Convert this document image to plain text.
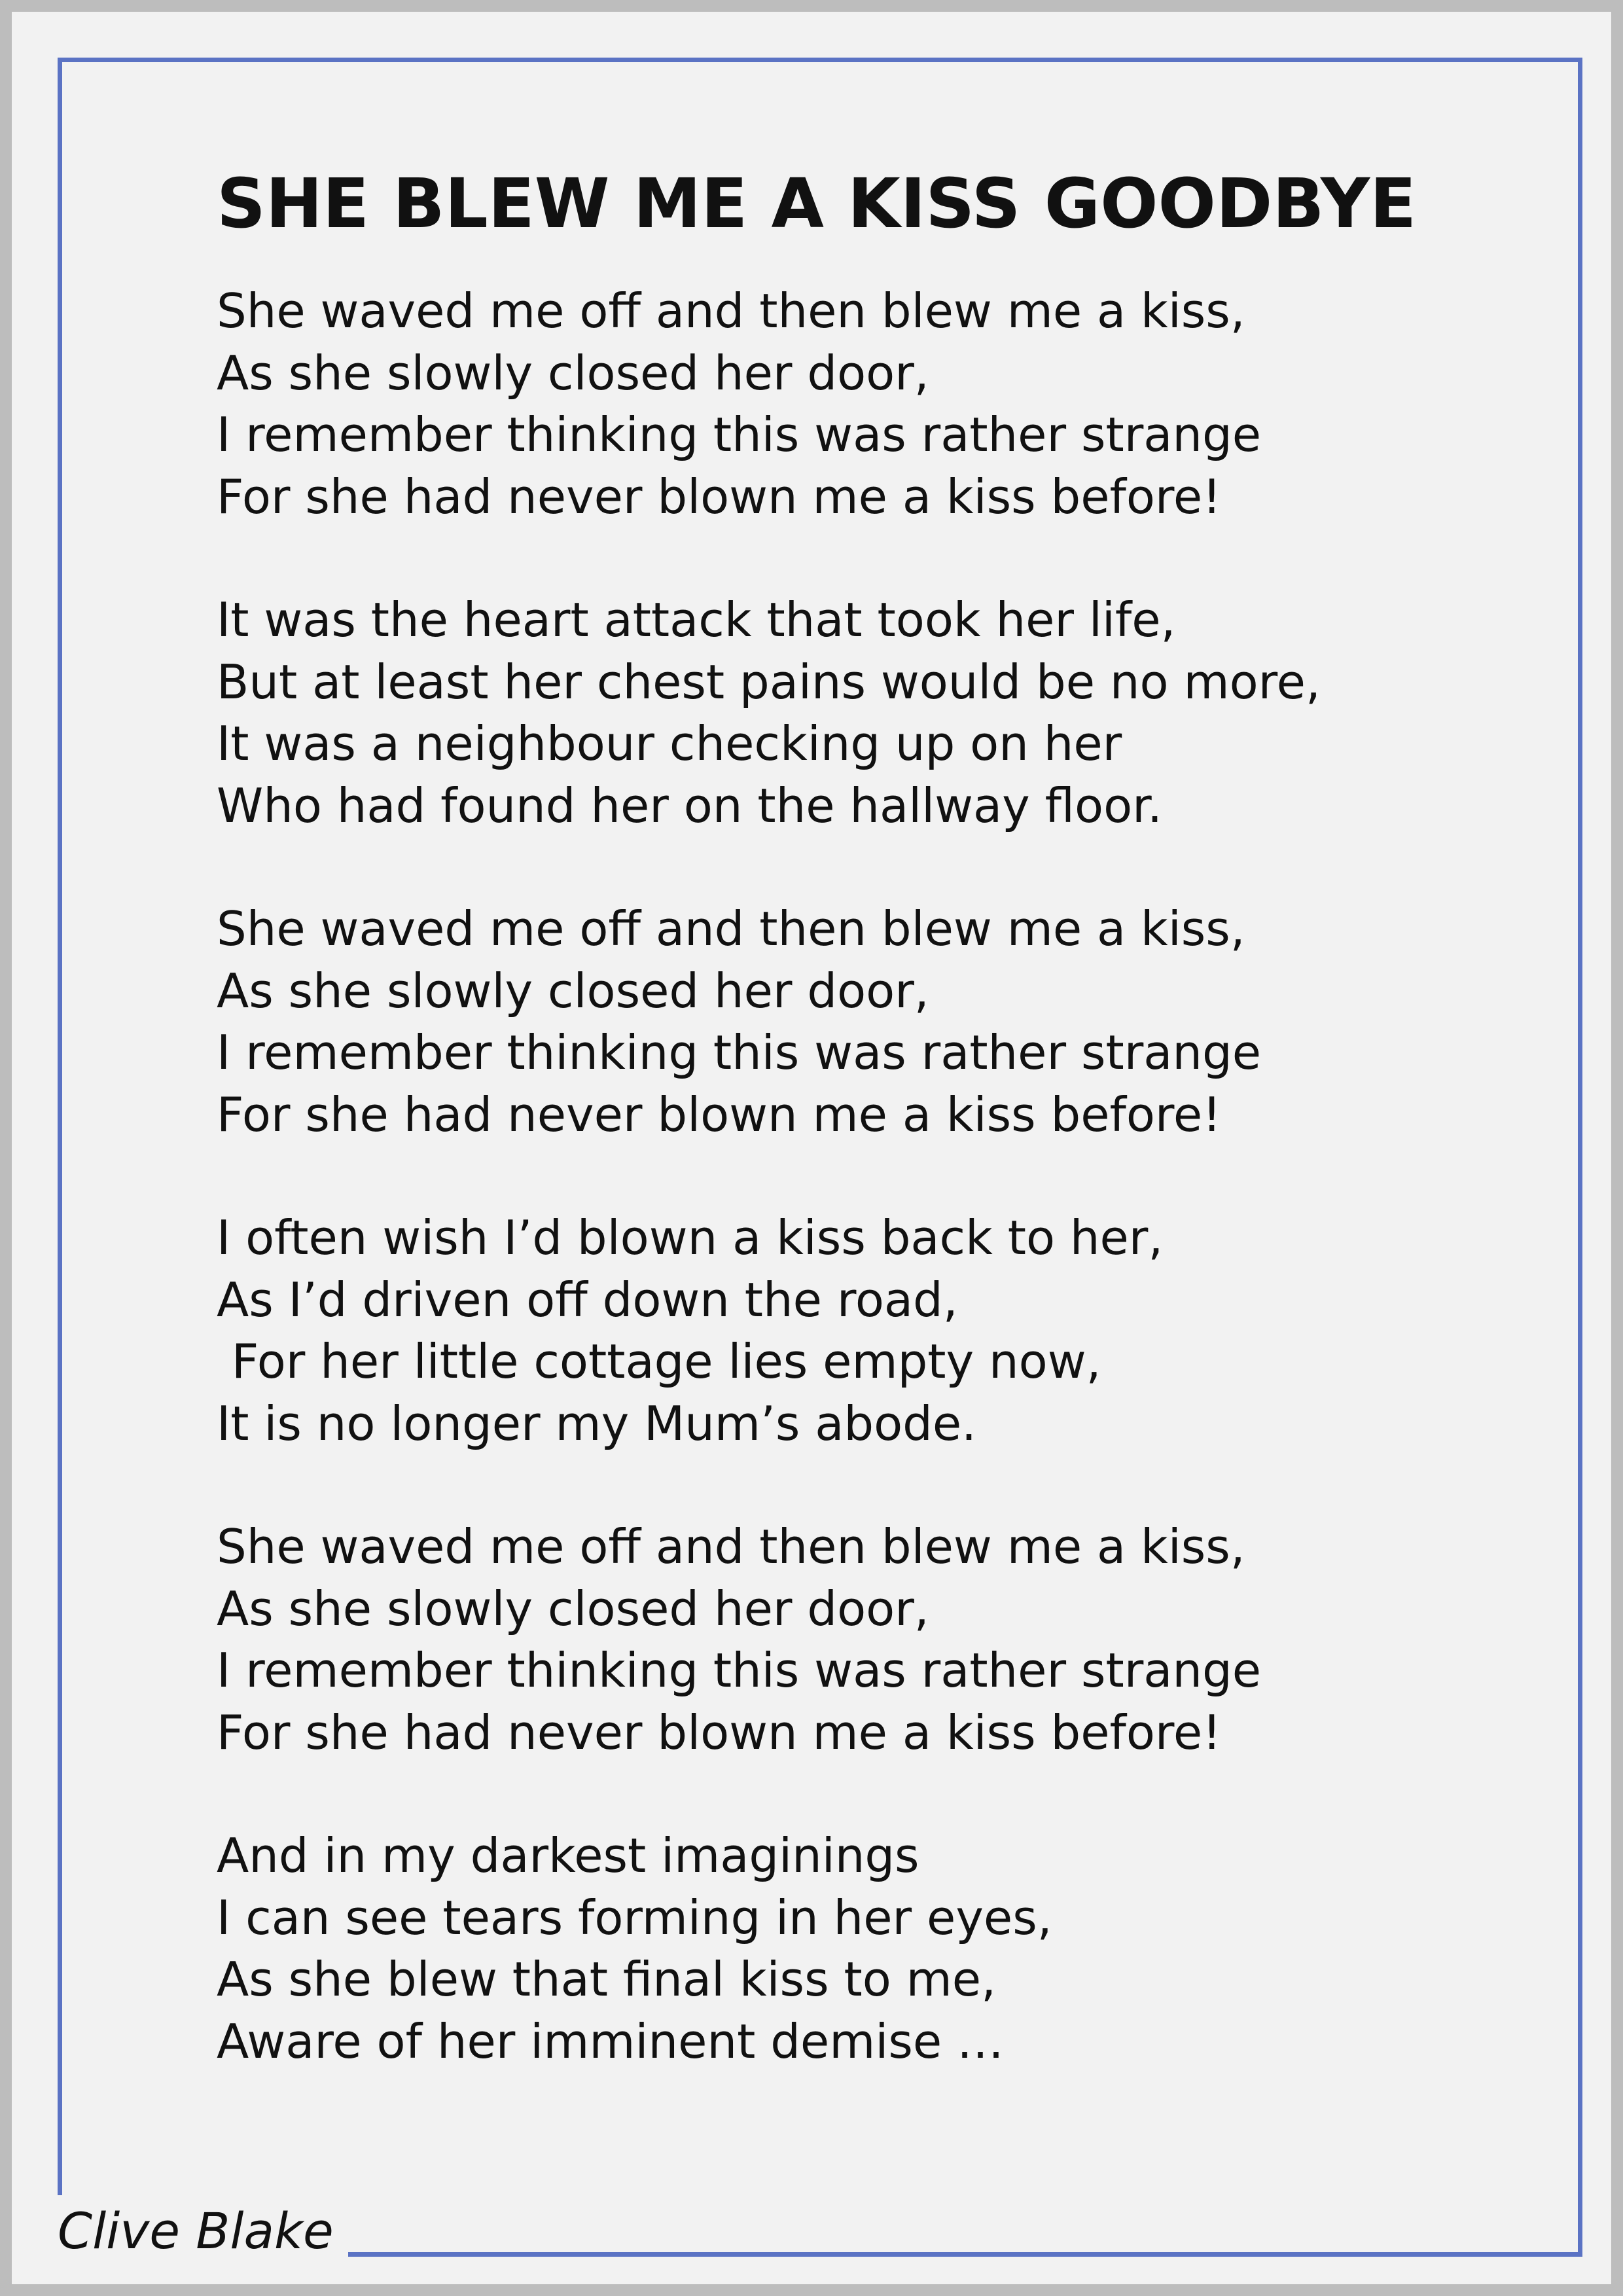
SHE BLEW ME A KISS GOODBYE
She waved me off and then blew me a kiss,
As she slowly closed her door,
I remember thinking this was rather strange
For she had never blown me a kiss before!
It was the heart attack that took her life,
But at least her chest pains would be no more,
It was a neighbour checking up on her
Who had found her on the hallway floor.
She waved me off and then blew me a kiss,
As she slowly closed her door,
I remember thinking this was rather strange
For she had never blown me a kiss before!
I often wish I’d blown a kiss back to her,
As I’d driven off down the road,
For her little cottage lies empty now,
It is no longer my Mum’s abode.
She waved me off and then blew me a kiss,
As she slowly closed her door,
I remember thinking this was rather strange
For she had never blown me a kiss before!
And in my darkest imaginings
I can see tears forming in her eyes,
As she blew that final kiss to me,
Aware of her imminent demise …
Clive Blake
